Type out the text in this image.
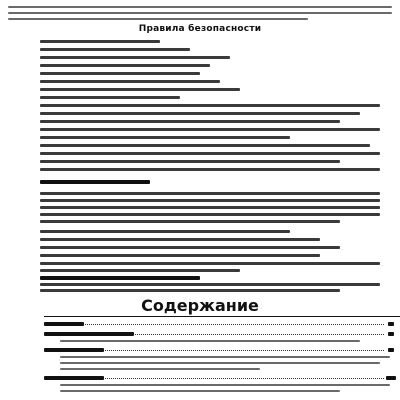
Правила безопасности
Содержание
